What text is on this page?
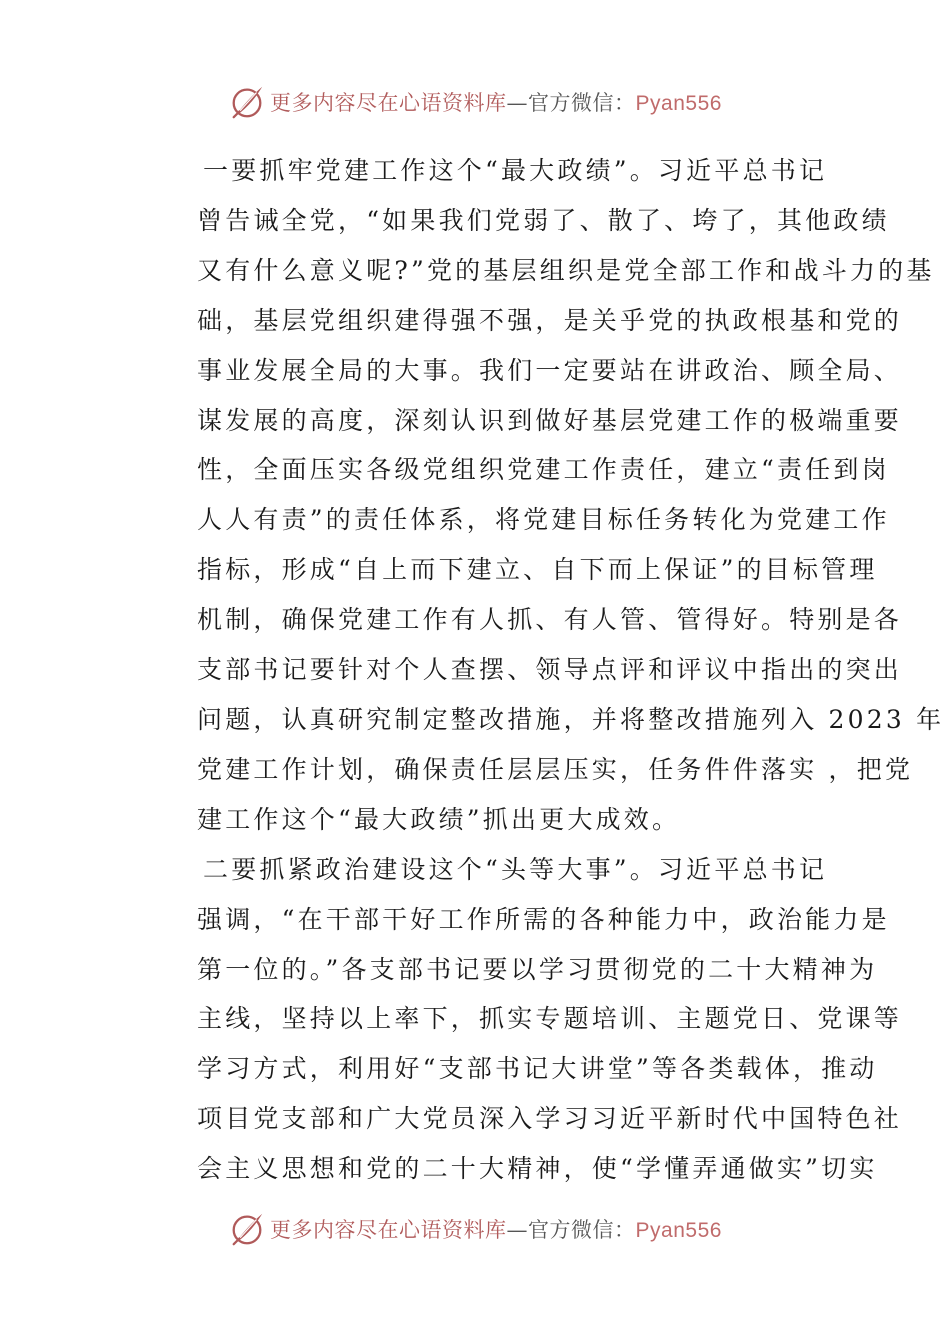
更多内容尽在心语资料库—官方微信：Pyan556

一要抓牢党建工作这个“最大政绩”。习近平总书记
曾告诫全党，“如果我们党弱了、散了、垮了，其他政绩
又有什么意义呢?”党的基层组织是党全部工作和战斗力的基
础，基层党组织建得强不强，是关乎党的执政根基和党的
事业发展全局的大事。我们一定要站在讲政治、顾全局、
谋发展的高度，深刻认识到做好基层党建工作的极端重要
性，全面压实各级党组织党建工作责任，建立“责任到岗
人人有责”的责任体系，将党建目标任务转化为党建工作
指标，形成“自上而下建立、自下而上保证”的目标管理
机制，确保党建工作有人抓、有人管、管得好。特别是各
支部书记要针对个人查摆、领导点评和评议中指出的突出
问题，认真研究制定整改措施，并将整改措施列入 2023 年
党建工作计划，确保责任层层压实，任务件件落实 ，把党
建工作这个“最大政绩”抓出更大成效。

二要抓紧政治建设这个“头等大事”。习近平总书记
强调，“在干部干好工作所需的各种能力中，政治能力是
第一位的。”各支部书记要以学习贯彻党的二十大精神为
主线，坚持以上率下，抓实专题培训、主题党日、党课等
学习方式，利用好“支部书记大讲堂”等各类载体，推动
项目党支部和广大党员深入学习习近平新时代中国特色社
会主义思想和党的二十大精神，使“学懂弄通做实”切实

更多内容尽在心语资料库—官方微信：Pyan556
